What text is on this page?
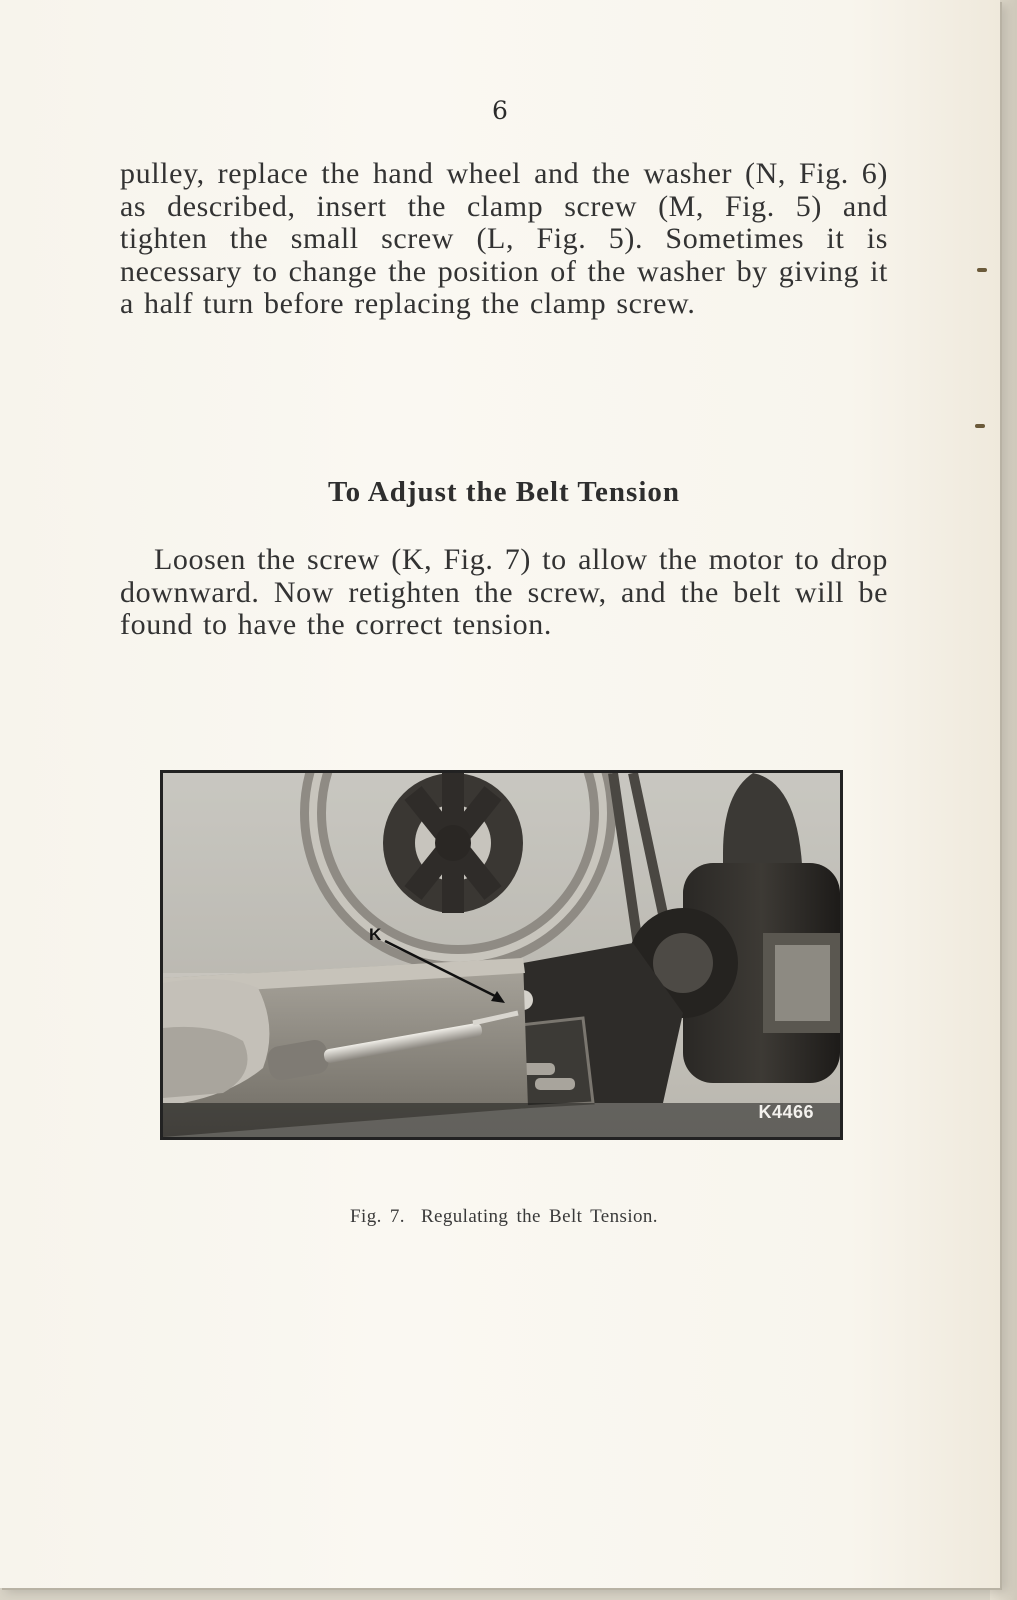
6
pulley, replace the hand wheel and the washer (N, Fig. 6) as described, insert the clamp screw (M, Fig. 5) and tighten the small screw (L, Fig. 5). Sometimes it is necessary to change the position of the washer by giving it a half turn before replacing the clamp screw.
To Adjust the Belt Tension
Loosen the screw (K, Fig. 7) to allow the motor to drop downward. Now retighten the screw, and the belt will be found to have the correct tension.
K
K4466
Fig. 7. Regulating the Belt Tension.
